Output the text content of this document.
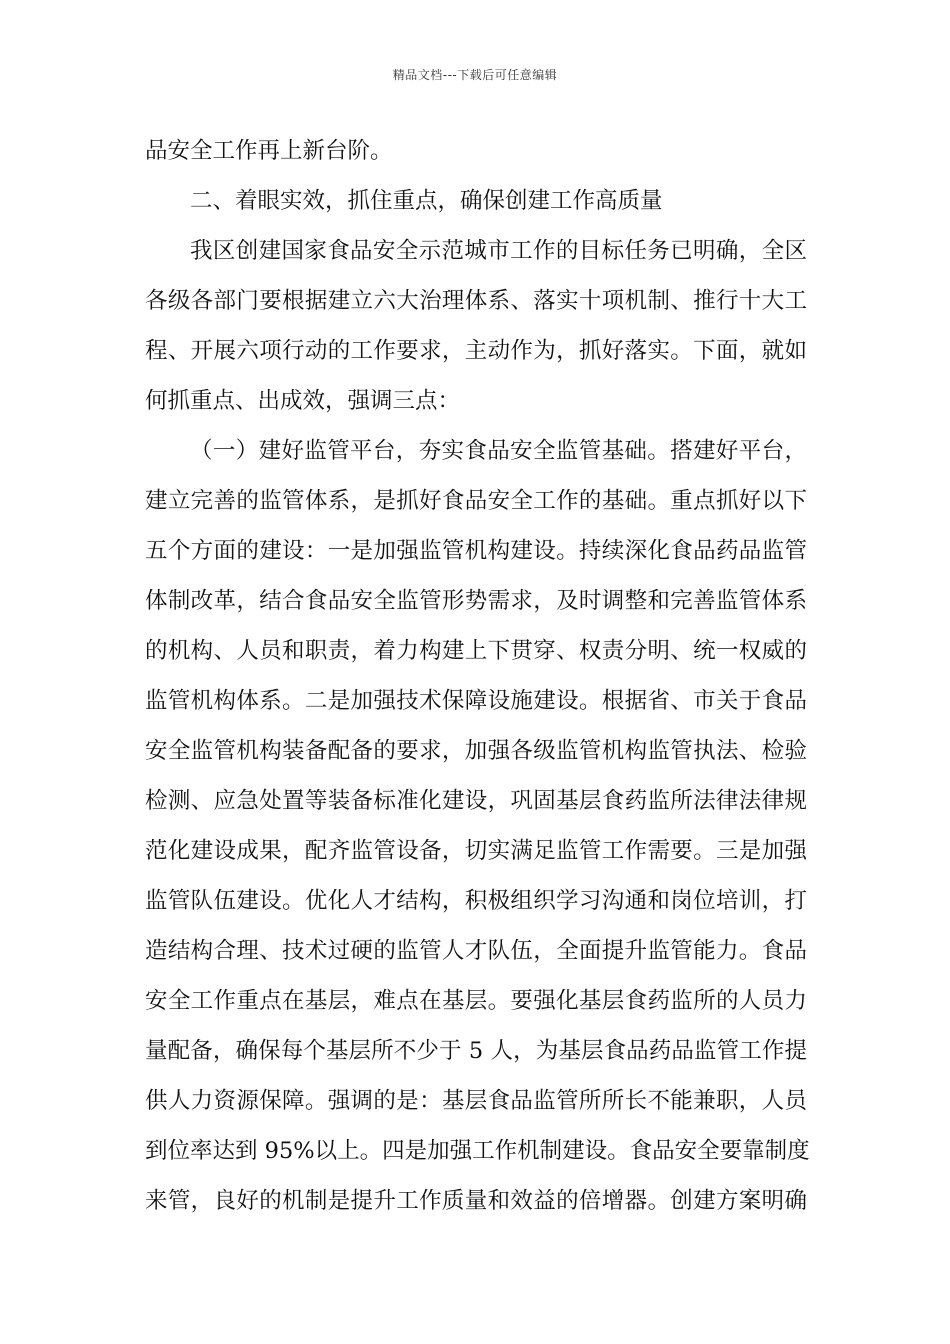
精品文档---下载后可任意编辑
品安全工作再上新台阶。
二、着眼实效，抓住重点，确保创建工作高质量
我区创建国家食品安全示范城市工作的目标任务已明确，全区
各级各部门要根据建立六大治理体系、落实十项机制、推行十大工
程、开展六项行动的工作要求，主动作为，抓好落实。下面，就如
何抓重点、出成效，强调三点：
（一）建好监管平台，夯实食品安全监管基础。搭建好平台，
建立完善的监管体系，是抓好食品安全工作的基础。重点抓好以下
五个方面的建设：一是加强监管机构建设。持续深化食品药品监管
体制改革，结合食品安全监管形势需求，及时调整和完善监管体系
的机构、人员和职责，着力构建上下贯穿、权责分明、统一权威的
监管机构体系。二是加强技术保障设施建设。根据省、市关于食品
安全监管机构装备配备的要求，加强各级监管机构监管执法、检验
检测、应急处置等装备标准化建设，巩固基层食药监所法律法律规
范化建设成果，配齐监管设备，切实满足监管工作需要。三是加强
监管队伍建设。优化人才结构，积极组织学习沟通和岗位培训，打
造结构合理、技术过硬的监管人才队伍，全面提升监管能力。食品
安全工作重点在基层，难点在基层。要强化基层食药监所的人员力
量配备，确保每个基层所不少于 5 人，为基层食品药品监管工作提
供人力资源保障。强调的是：基层食品监管所所长不能兼职，人员
到位率达到 95%以上。四是加强工作机制建设。食品安全要靠制度
来管，良好的机制是提升工作质量和效益的倍增器。创建方案明确
